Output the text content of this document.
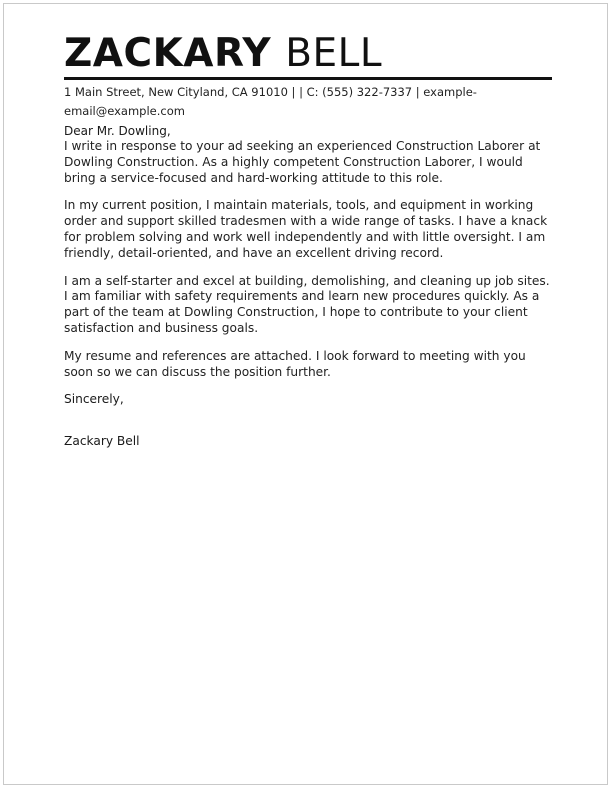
ZACKARY BELL

1 Main Street, New Cityland, CA 91010 | | C: (555) 322-7337 | example-email@example.com

Dear Mr. Dowling,

I write in response to your ad seeking an experienced Construction Laborer at Dowling Construction. As a highly competent Construction Laborer, I would bring a service-focused and hard-working attitude to this role.

In my current position, I maintain materials, tools, and equipment in working order and support skilled tradesmen with a wide range of tasks. I have a knack for problem solving and work well independently and with little oversight. I am friendly, detail-oriented, and have an excellent driving record.

I am a self-starter and excel at building, demolishing, and cleaning up job sites. I am familiar with safety requirements and learn new procedures quickly. As a part of the team at Dowling Construction, I hope to contribute to your client satisfaction and business goals.

My resume and references are attached. I look forward to meeting with you soon so we can discuss the position further.

Sincerely,

Zackary Bell
